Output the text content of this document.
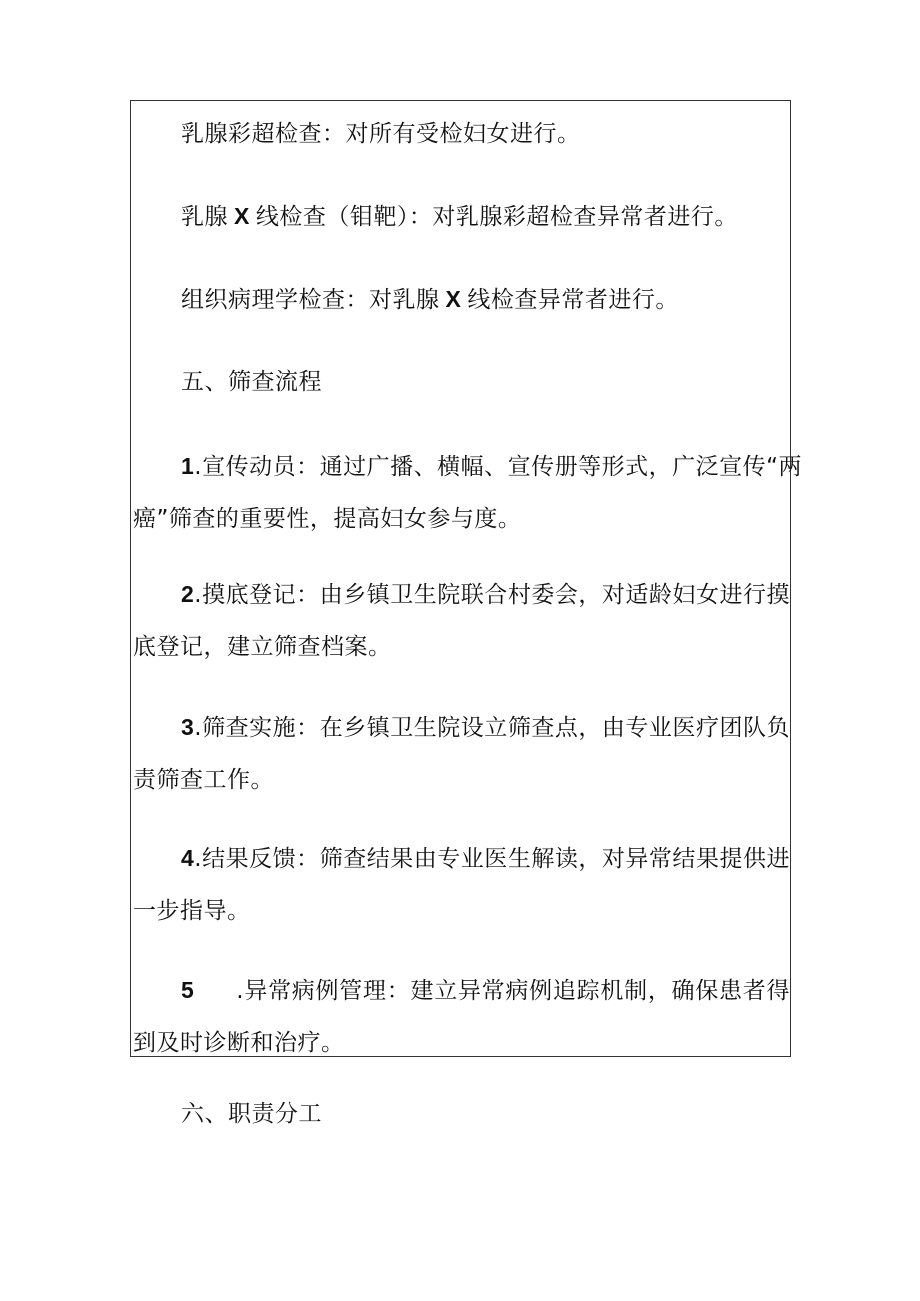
乳腺彩超检查：对所有受检妇女进行。
乳腺 X 线检查（钼靶）：对乳腺彩超检查异常者进行。
组织病理学检查：对乳腺 X 线检查异常者进行。
五、筛查流程
1.宣传动员：通过广播、横幅、宣传册等形式，广泛宣传“两
癌”筛查的重要性，提高妇女参与度。
2.摸底登记：由乡镇卫生院联合村委会，对适龄妇女进行摸
底登记，建立筛查档案。
3.筛查实施：在乡镇卫生院设立筛查点，由专业医疗团队负
责筛查工作。
4.结果反馈：筛查结果由专业医生解读，对异常结果提供进
一步指导。
5 .异常病例管理：建立异常病例追踪机制，确保患者得
到及时诊断和治疗。
六、职责分工
